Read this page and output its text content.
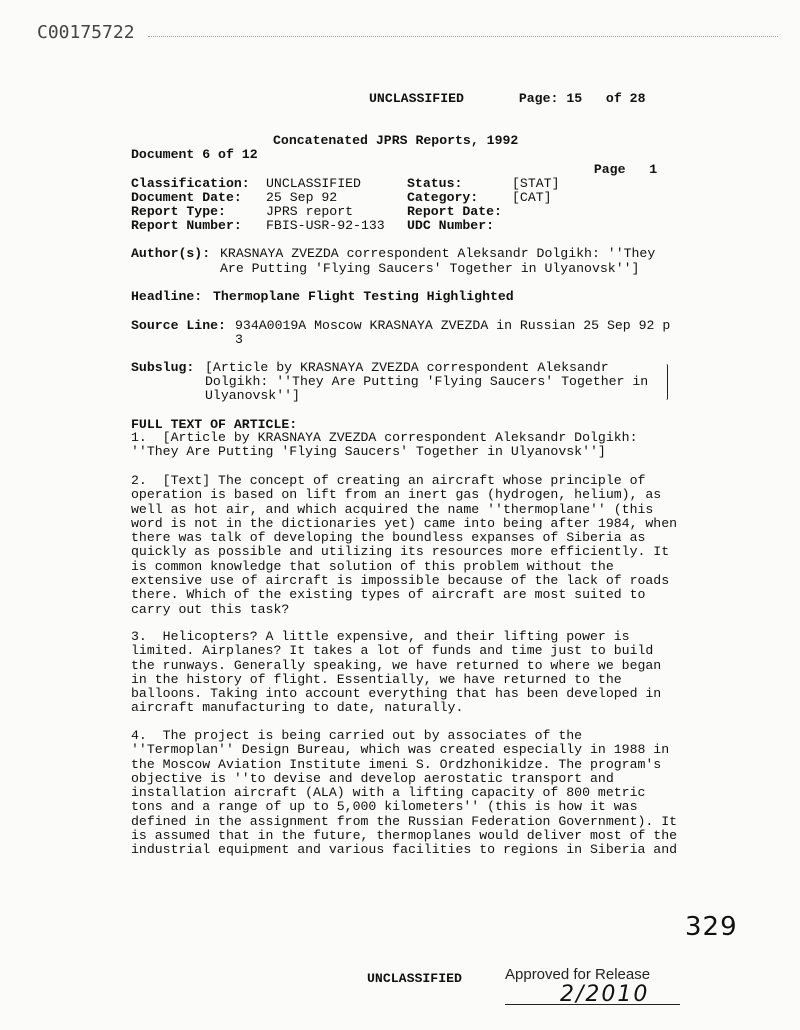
C00175722

Page: 15 of 28

UNCLASSIFIED
Concatenated JPRS Reports, 1992
Document 6 of 12

Page 1

Classification: UNCLASSIFIED	Status:	[STAT]
Document Date: 25 Sep 92	Category:	[CAT]
Report Type:	JPRS report	Report Date:
Report Number: FBIS-USR-92-133 UDC Number:
Author(s): KRASNAYA ZVEZDA correspondent Aleksandr Dolgikh: ''They
Are Putting 'Flying Saucers' Together in Ulyanovsk'']
Headline: Thermoplane Flight Testing Highlighted
Source Line: 934A0019A Moscow KRASNAYA ZVEZDA in Russian 25 Sep 92 p
3
Subslug: [Article by KRASNAYA ZVEZDA correspondent Aleksandr
Dolgikh: ''They Are Putting 'Flying Saucers' Together in
Ulyanovsk'']
FULL TEXT OF ARTICLE:
1.  [Article by KRASNAYA ZVEZDA correspondent Aleksandr Dolgikh:
''They Are Putting 'Flying Saucers' Together in Ulyanovsk'']
2.  [Text] The concept of creating an aircraft whose principle of
operation is based on lift from an inert gas (hydrogen, helium), as
well as hot air, and which acquired the name ''thermoplane'' (this
word is not in the dictionaries yet) came into being after 1984, when
there was talk of developing the boundless expanses of Siberia as
quickly as possible and utilizing its resources more efficiently. It
is common knowledge that solution of this problem without the
extensive use of aircraft is impossible because of the lack of roads
there. Which of the existing types of aircraft are most suited to
carry out this task?
3.  Helicopters? A little expensive, and their lifting power is
limited. Airplanes? It takes a lot of funds and time just to build
the runways. Generally speaking, we have returned to where we began
in the history of flight. Essentially, we have returned to the
balloons. Taking into account everything that has been developed in
aircraft manufacturing to date, naturally.
4.  The project is being carried out by associates of the
''Termoplan'' Design Bureau, which was created especially in 1988 in
the Moscow Aviation Institute imeni S. Ordzhonikidze. The program's
objective is ''to devise and develop aerostatic transport and
installation aircraft (ALA) with a lifting capacity of 800 metric
tons and a range of up to 5,000 kilometers'' (this is how it was
defined in the assignment from the Russian Federation Government). It
is assumed that in the future, thermoplanes would deliver most of the
industrial equipment and various facilities to regions in Siberia and
329
UNCLASSIFIED	Approved for Release
2/2010
